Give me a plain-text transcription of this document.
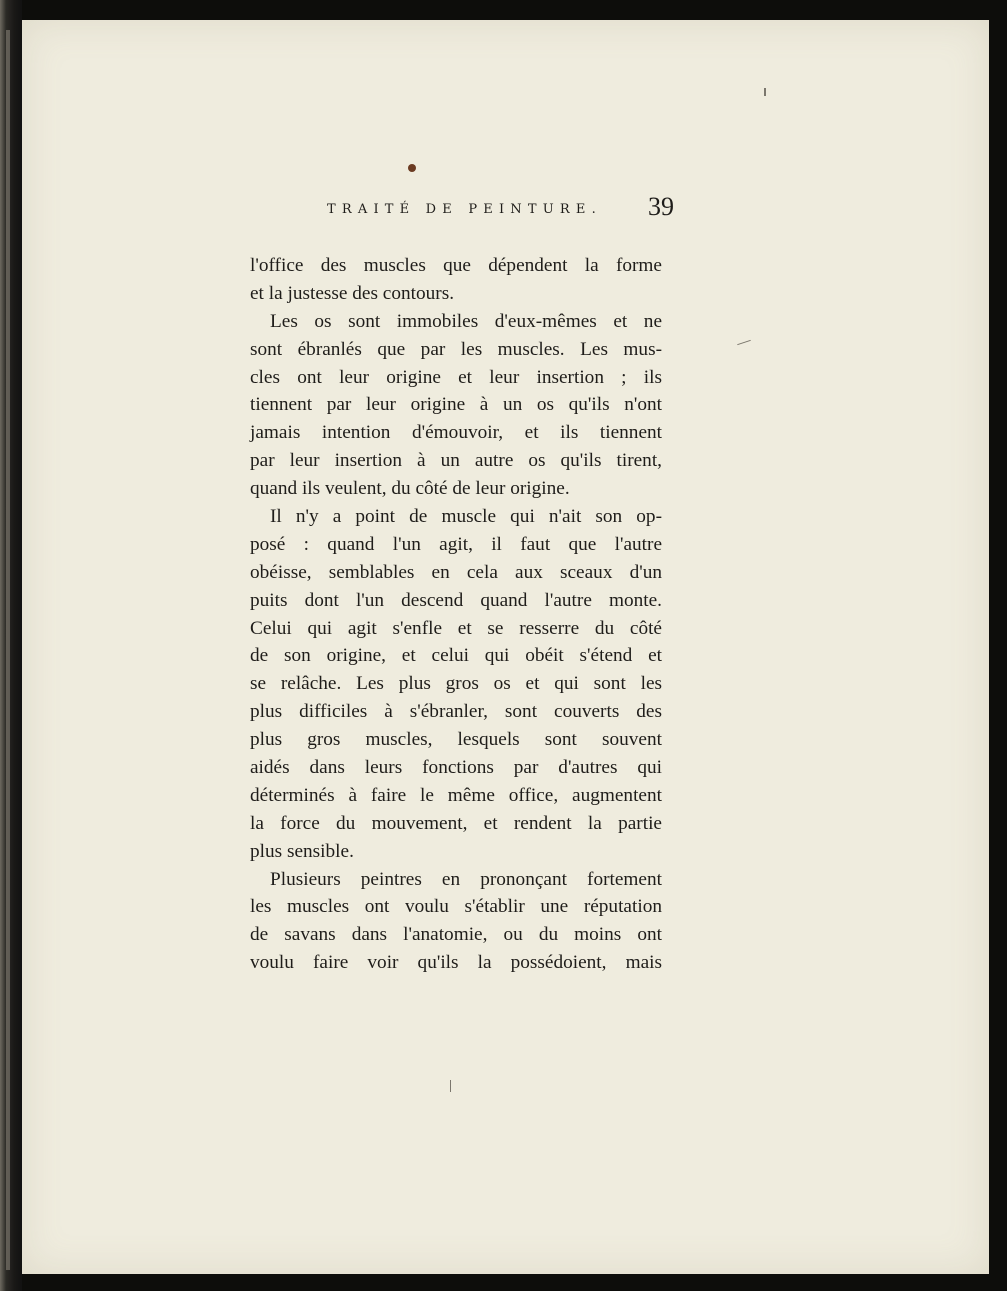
TRAITÉ DE PEINTURE. 39
l'office des muscles que dépendent la forme
et la justesse des contours.
Les os sont immobiles d'eux-mêmes et ne
sont ébranlés que par les muscles. Les mus-
cles ont leur origine et leur insertion ; ils
tiennent par leur origine à un os qu'ils n'ont
jamais intention d'émouvoir, et ils tiennent
par leur insertion à un autre os qu'ils tirent,
quand ils veulent, du côté de leur origine.
Il n'y a point de muscle qui n'ait son op-
posé : quand l'un agit, il faut que l'autre
obéisse, semblables en cela aux sceaux d'un
puits dont l'un descend quand l'autre monte.
Celui qui agit s'enfle et se resserre du côté
de son origine, et celui qui obéit s'étend et
se relâche. Les plus gros os et qui sont les
plus difficiles à s'ébranler, sont couverts des
plus gros muscles, lesquels sont souvent
aidés dans leurs fonctions par d'autres qui
déterminés à faire le même office, augmentent
la force du mouvement, et rendent la partie
plus sensible.
Plusieurs peintres en prononçant fortement
les muscles ont voulu s'établir une réputation
de savans dans l'anatomie, ou du moins ont
voulu faire voir qu'ils la possédoient, mais
